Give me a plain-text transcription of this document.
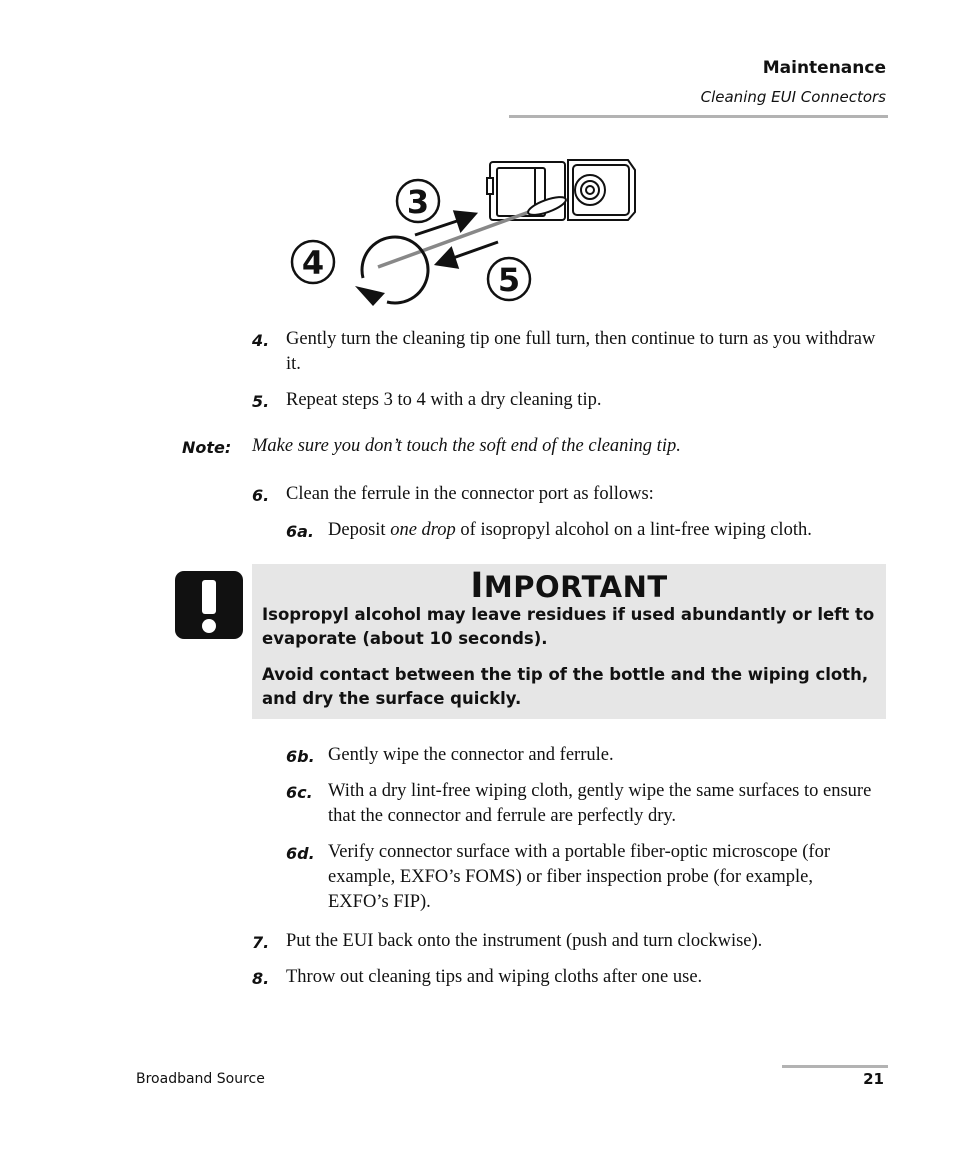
Maintenance
Cleaning EUI Connectors
3
4	5
4. Gently turn the cleaning tip one full turn, then continue to turn as you withdraw it.
5. Repeat steps 3 to 4 with a dry cleaning tip.
Note: Make sure you don’t touch the soft end of the cleaning tip.
6. Clean the ferrule in the connector port as follows:
6a. Deposit one drop of isopropyl alcohol on a lint-free wiping cloth.
IMPORTANT
Isopropyl alcohol may leave residues if used abundantly or left to evaporate (about 10 seconds).
Avoid contact between the tip of the bottle and the wiping cloth, and dry the surface quickly.
6b. Gently wipe the connector and ferrule.
6c. With a dry lint-free wiping cloth, gently wipe the same surfaces to ensure that the connector and ferrule are perfectly dry.
6d. Verify connector surface with a portable fiber-optic microscope (for example, EXFO’s FOMS) or fiber inspection probe (for example, EXFO’s FIP).
7. Put the EUI back onto the instrument (push and turn clockwise).
8. Throw out cleaning tips and wiping cloths after one use.
Broadband Source	21
